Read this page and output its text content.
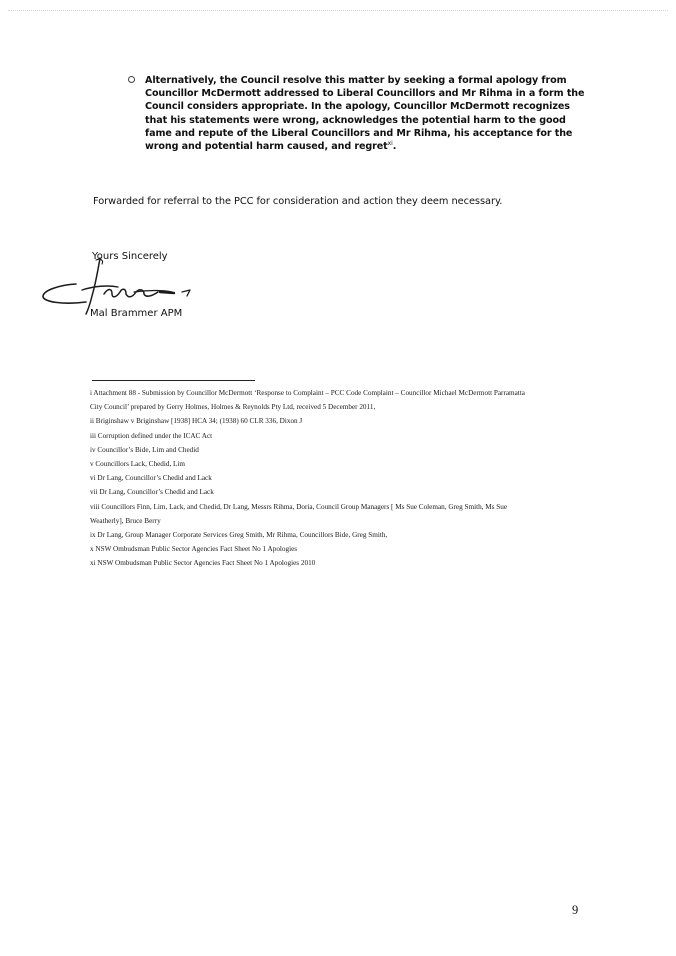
Alternatively, the Council resolve this matter by seeking a formal apology from Councillor McDermott addressed to Liberal Councillors and Mr Rihma in a form the Council considers appropriate. In the apology, Councillor McDermott recognizes that his statements were wrong, acknowledges the potential harm to the good fame and repute of the Liberal Councillors and Mr Rihma, his acceptance for the wrong and potential harm caused, and regret$^{xi}$.
Forwarded for referral to the PCC for consideration and action they deem necessary.
Yours Sincerely
Mal Brammer APM
i Attachment 88 - Submission by Councillor McDermott ‘Response to Complaint – PCC Code Complaint – Councillor Michael McDermott Parramatta
City Council’ prepared by Gerry Holmes, Holmes & Reynolds Pty Ltd, received 5 December 2011,
ii Briginshaw v Briginshaw [1938] HCA 34; (1938) 60 CLR 336, Dixon J
iii Corruption defined under the ICAC Act
iv Councillor’s Bide, Lim and Chedid
v Councillors Lack, Chedid, Lim
vi Dr Lang, Councillor’s Chedid and Lack
vii Dr Lang, Councillor’s Chedid and Lack
viii Councillors Finn, Lim, Lack, and Chedid, Dr Lang, Messrs Rihma, Doria, Council Group Managers [ Ms Sue Coleman, Greg Smith, Ms Sue
Weatherly], Bruce Berry
ix Dr Lang, Group Manager Corporate Services Greg Smith, Mr Rihma, Councillors Bide, Greg Smith,
x NSW Ombudsman Public Sector Agencies Fact Sheet No 1 Apologies
xi NSW Ombudsman Public Sector Agencies Fact Sheet No 1 Apologies 2010
9
